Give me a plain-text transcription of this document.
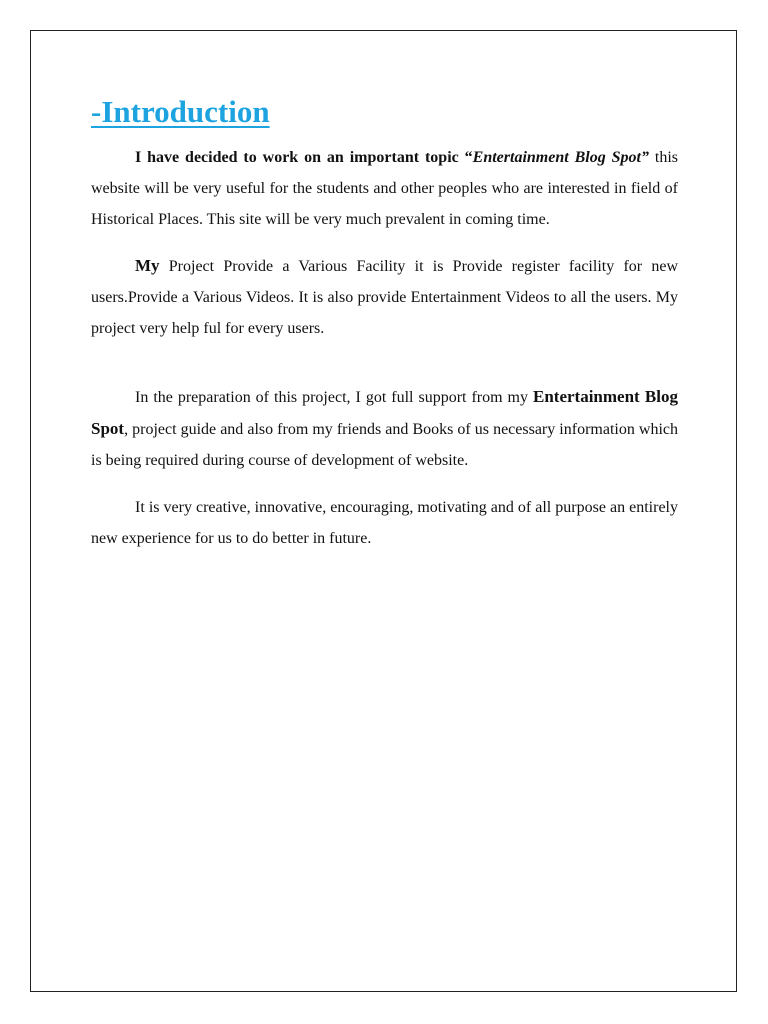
-Introduction

I have decided to work on an important topic “Entertainment Blog Spot” this website will be very useful for the students and other peoples who are interested in field of Historical Places. This site will be very much prevalent in coming time.

My Project Provide a Various Facility it is Provide register facility for new users.Provide a Various Videos. It is also provide Entertainment Videos to all the users. My project very help ful for every users.

In the preparation of this project, I got full support from my Entertainment Blog Spot, project guide and also from my friends and Books of us necessary information which is being required during course of development of website.

It is very creative, innovative, encouraging, motivating and of all purpose an entirely new experience for us to do better in future.
